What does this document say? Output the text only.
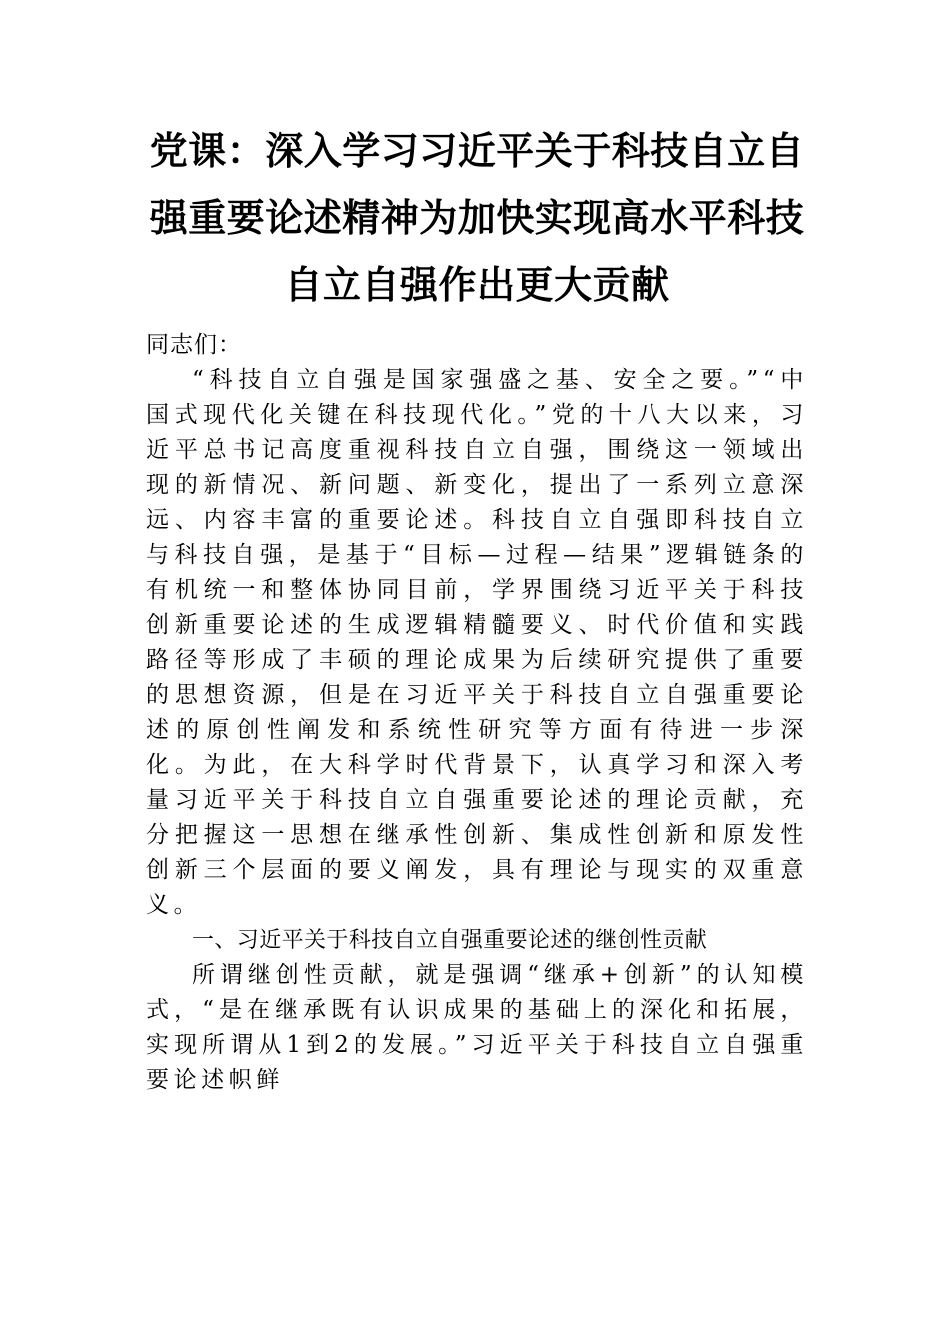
党课：深入学习习近平关于科技自立自强重要论述精神为加快实现高水平科技自立自强作出更大贡献

同志们：

“科技自立自强是国家强盛之基、安全之要。”“中国式现代化关键在科技现代化。”党的十八大以来，习近平总书记高度重视科技自立自强，围绕这一领域出现的新情况、新问题、新变化，提出了一系列立意深远、内容丰富的重要论述。科技自立自强即科技自立与科技自强，是基于“目标—过程—结果”逻辑链条的有机统一和整体协同目前，学界围绕习近平关于科技创新重要论述的生成逻辑精髓要义、时代价值和实践路径等形成了丰硕的理论成果为后续研究提供了重要的思想资源，但是在习近平关于科技自立自强重要论述的原创性阐发和系统性研究等方面有待进一步深化。为此，在大科学时代背景下，认真学习和深入考量习近平关于科技自立自强重要论述的理论贡献，充分把握这一思想在继承性创新、集成性创新和原发性创新三个层面的要义阐发，具有理论与现实的双重意义。

一、习近平关于科技自立自强重要论述的继创性贡献

所谓继创性贡献，就是强调“继承+创新”的认知模式，“是在继承既有认识成果的基础上的深化和拓展，实现所谓从1到2的发展。”习近平关于科技自立自强重要论述帜鲜
